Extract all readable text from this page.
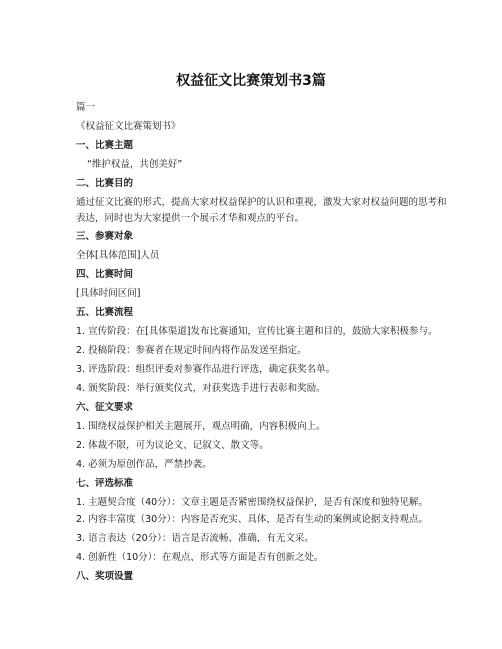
权益征文比赛策划书3篇

篇一

《权益征文比赛策划书》

一、比赛主题

“维护权益，共创美好”

二、比赛目的

通过征文比赛的形式，提高大家对权益保护的认识和重视，激发大家对权益问题的思考和表达，同时也为大家提供一个展示才华和观点的平台。

三、参赛对象

全体[具体范围]人员

四、比赛时间

[具体时间区间]

五、比赛流程

1. 宣传阶段：在[具体渠道]发布比赛通知，宣传比赛主题和目的，鼓励大家积极参与。

2. 投稿阶段：参赛者在规定时间内将作品发送至指定。

3. 评选阶段：组织评委对参赛作品进行评选，确定获奖名单。

4. 颁奖阶段：举行颁奖仪式，对获奖选手进行表彰和奖励。

六、征文要求

1. 围绕权益保护相关主题展开，观点明确，内容积极向上。

2. 体裁不限，可为议论文、记叙文、散文等。

4. 必须为原创作品，严禁抄袭。

七、评选标准

1. 主题契合度（40分）：文章主题是否紧密围绕权益保护，是否有深度和独特见解。

2. 内容丰富度（30分）：内容是否充实、具体，是否有生动的案例或论据支持观点。

3. 语言表达（20分）：语言是否流畅、准确，有无文采。

4. 创新性（10分）：在观点、形式等方面是否有创新之处。

八、奖项设置
